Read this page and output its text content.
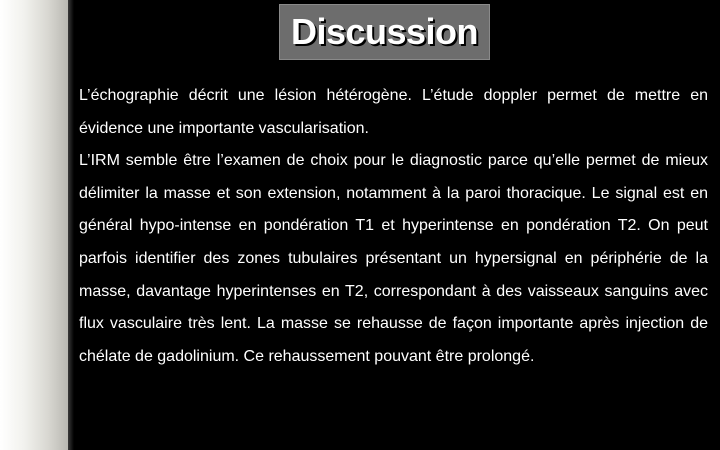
Discussion

L’échographie décrit une lésion hétérogène. L’étude doppler permet de mettre en évidence une importante vascularisation.

L’IRM semble être l’examen de choix pour le diagnostic parce qu’elle permet de mieux délimiter la masse et son extension, notamment à la paroi thoracique. Le signal est en général hypo-intense en pondération T1 et hyperintense en pondération T2. On peut parfois identifier des zones tubulaires présentant un hypersignal en périphérie de la masse, davantage hyperintenses en T2, correspondant à des vaisseaux sanguins avec flux vasculaire très lent. La masse se rehausse de façon importante après injection de chélate de gadolinium. Ce rehaussement pouvant être prolongé.
